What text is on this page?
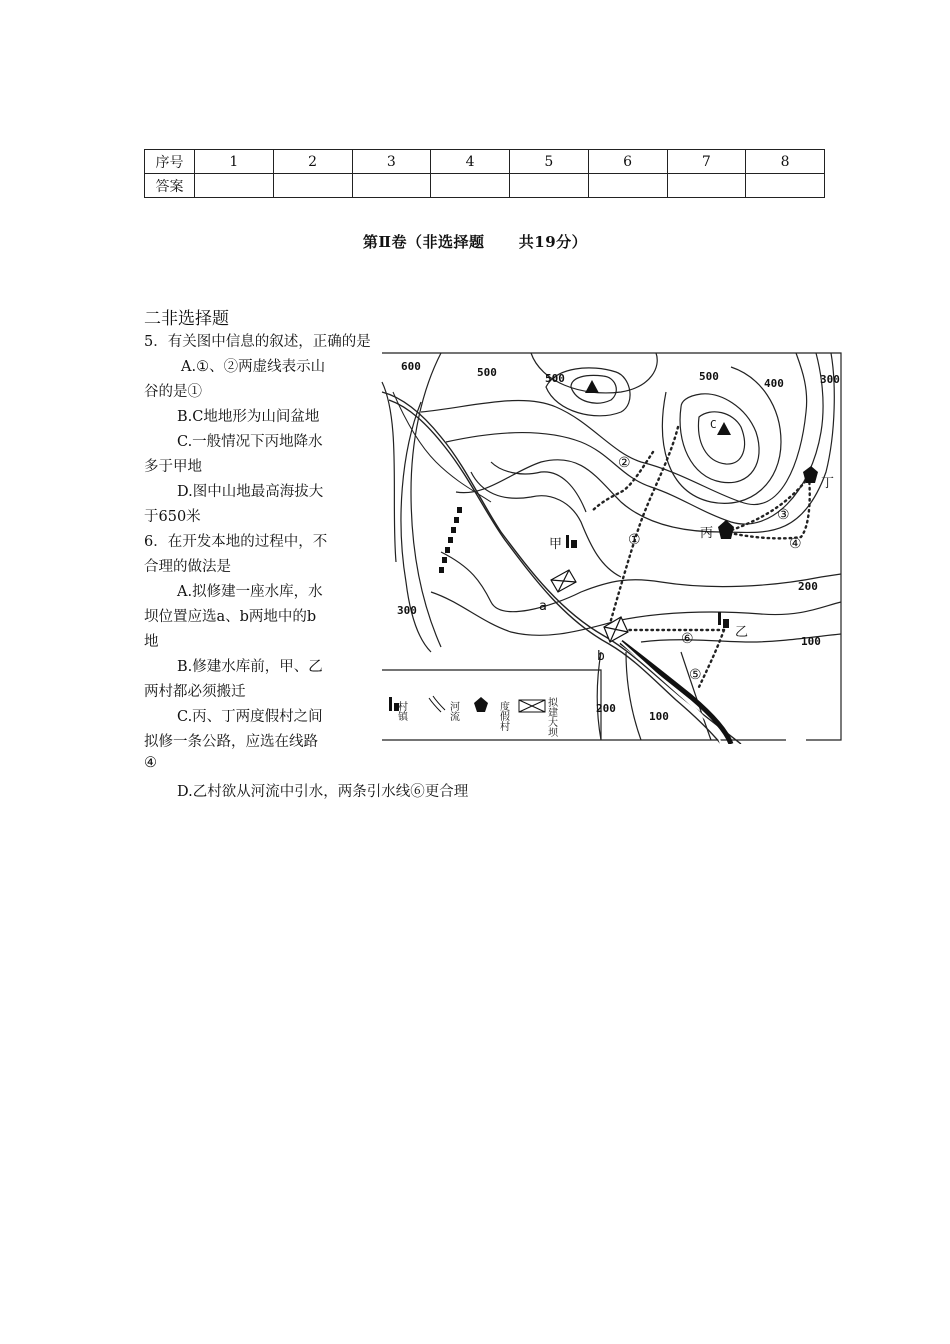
序号	1	2	3	4	5	6	7	8
答案								
第Ⅱ卷（非选择题      共19分）
二非选择题
5．有关图中信息的叙述，正确的是
A.①、②两虚线表示山
谷的是①
B.C地地形为山间盆地
C.一般情况下丙地降水
多于甲地
D.图中山地最高海拔大
于650米
6．在开发本地的过程中，不
合理的做法是
A.拟修建一座水库，水
坝位置应选a、b两地中的b
地
B.修建水库前，甲、乙
两村都必须搬迁
C.丙、丁两度假村之间
拟修一条公路，应选在线路
④
D.乙村欲从河流中引水，两条引水线⑥更合理
600	500	500	500
400	300
300
200
200
100
100
甲
乙
丙
丁
a
b
C
①
②
③
④
⑤
⑥
村镇	河流	度假村	拟建大坝
